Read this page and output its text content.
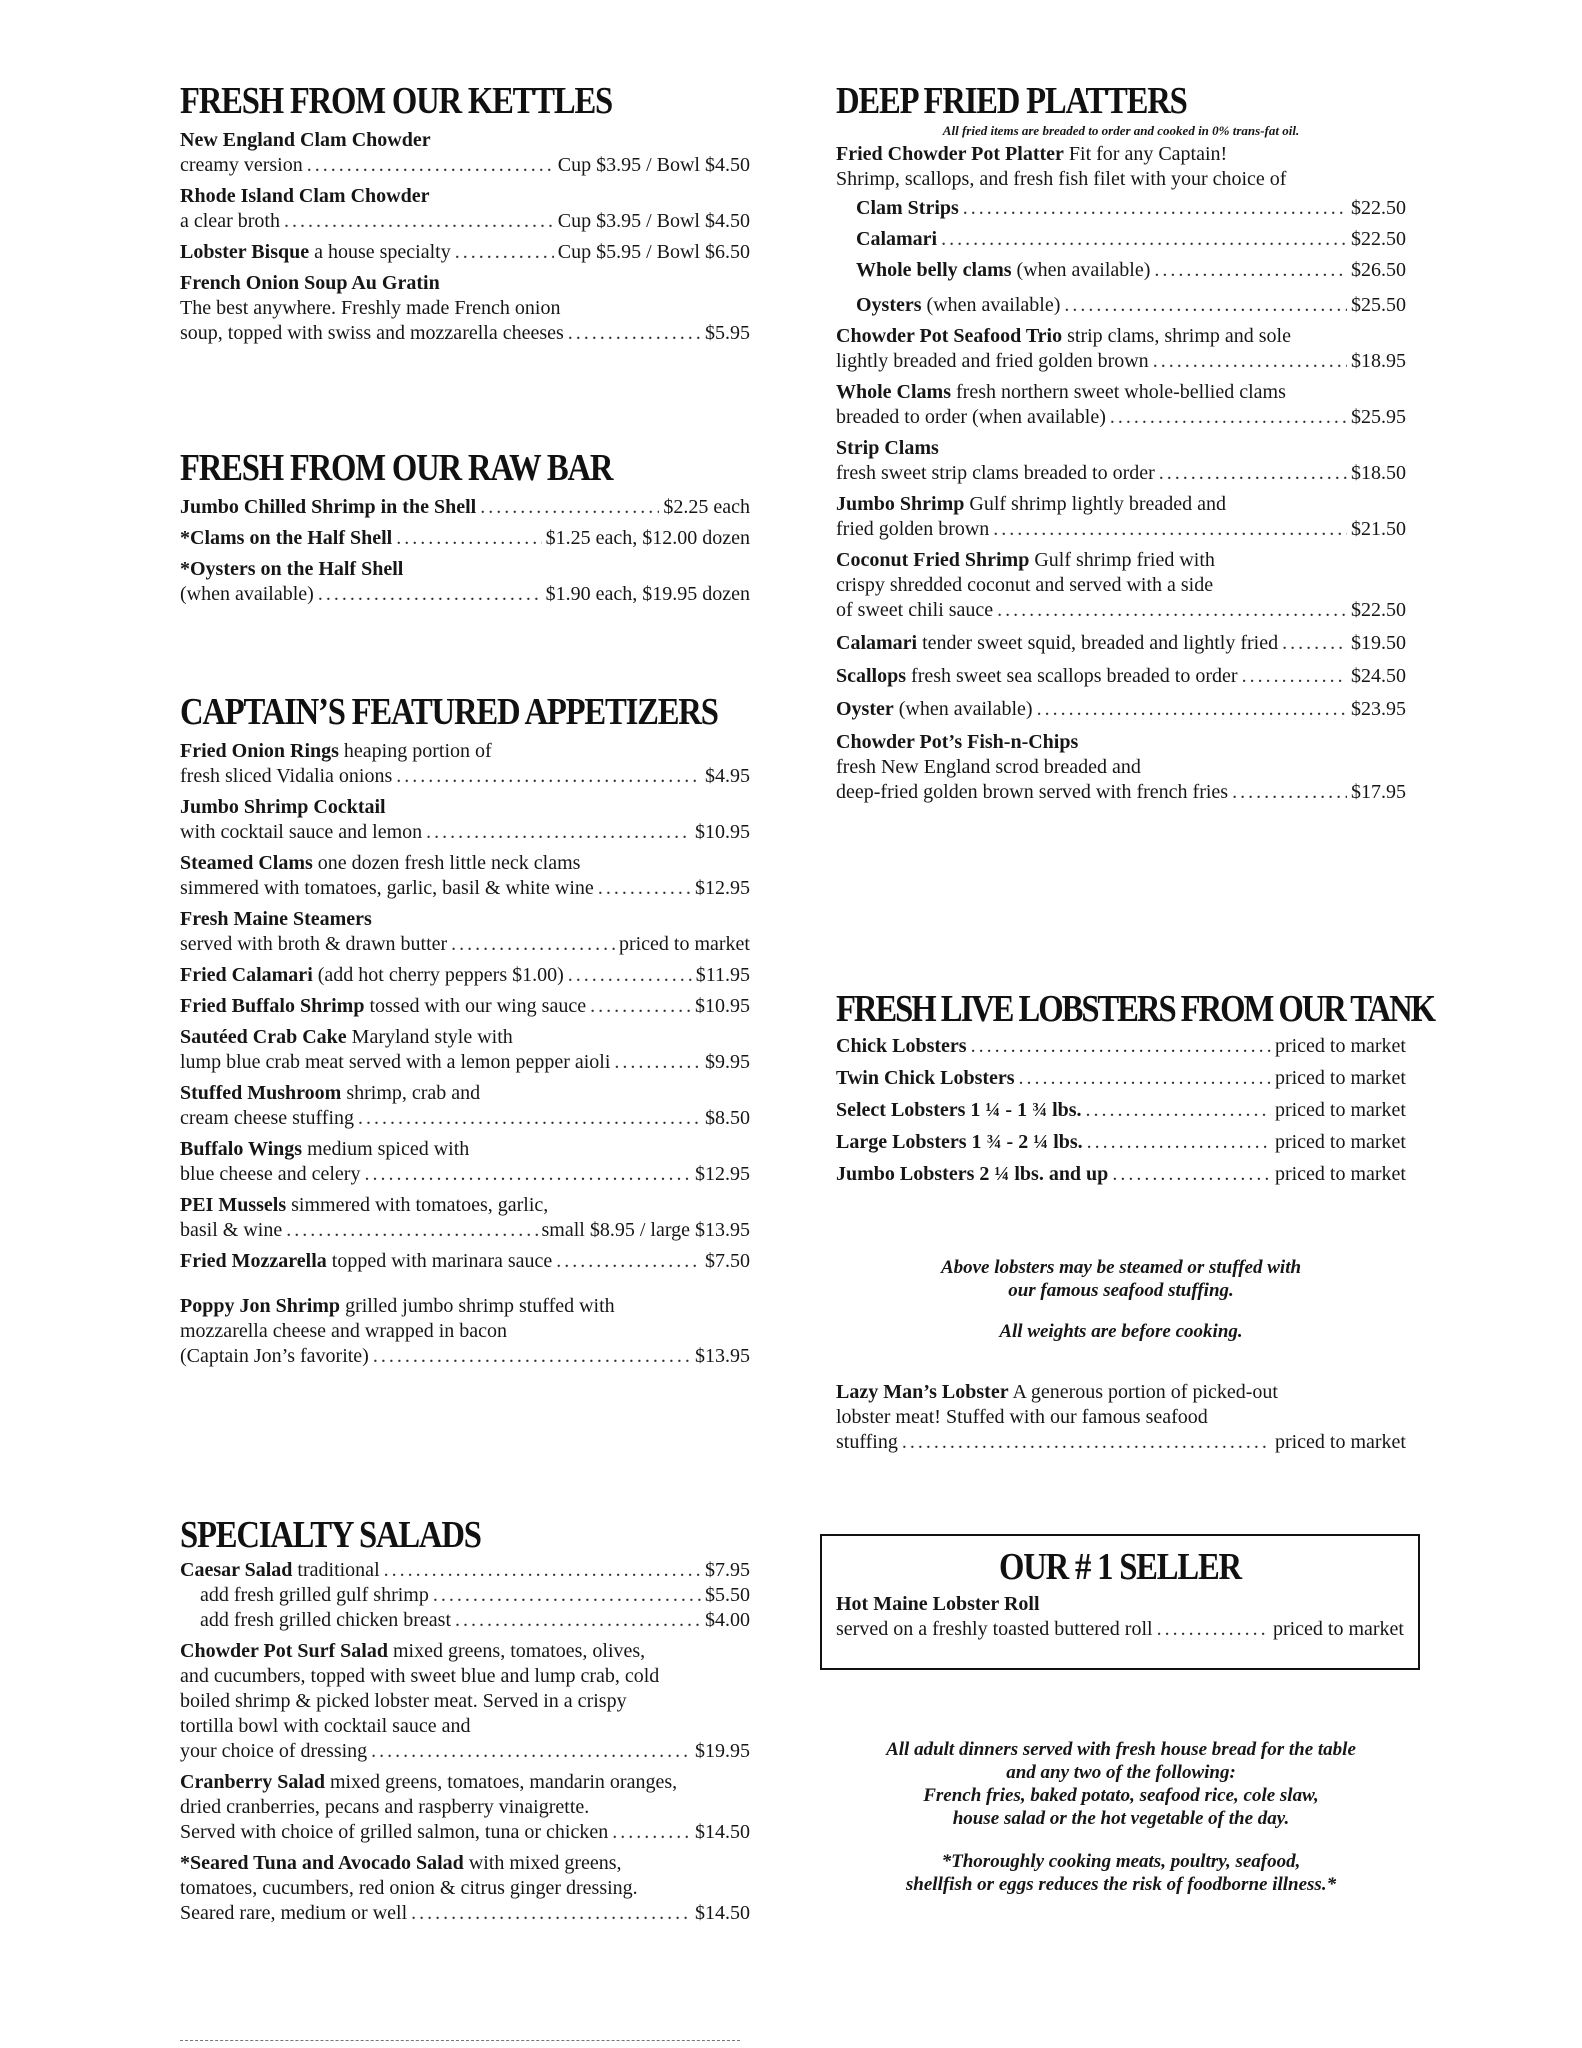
FRESH FROM OUR KETTLES
New England Clam Chowder
creamy version .....	Cup $3.95 / Bowl $4.50
Rhode Island Clam Chowder
a clear broth .....	Cup $3.95 / Bowl $4.50
Lobster Bisque a house specialty .....	Cup $5.95 / Bowl $6.50
French Onion Soup Au Gratin
The best anywhere. Freshly made French onion
soup, topped with swiss and mozzarella cheeses .....	$5.95
FRESH FROM OUR RAW BAR
Jumbo Chilled Shrimp in the Shell .....	$2.25 each
*Clams on the Half Shell .....	$1.25 each, $12.00 dozen
*Oysters on the Half Shell
(when available) .....	$1.90 each, $19.95 dozen
CAPTAIN’S FEATURED APPETIZERS
Fried Onion Rings heaping portion of
fresh sliced Vidalia onions .....	$4.95
Jumbo Shrimp Cocktail
with cocktail sauce and lemon .....	$10.95
Steamed Clams one dozen fresh little neck clams
simmered with tomatoes, garlic, basil & white wine .....	$12.95
Fresh Maine Steamers
served with broth & drawn butter .....	priced to market
Fried Calamari (add hot cherry peppers $1.00) .....	$11.95
Fried Buffalo Shrimp tossed with our wing sauce .....	$10.95
Sautéed Crab Cake Maryland style with
lump blue crab meat served with a lemon pepper aioli .....	$9.95
Stuffed Mushroom shrimp, crab and
cream cheese stuffing .....	$8.50
Buffalo Wings medium spiced with
blue cheese and celery .....	$12.95
PEI Mussels simmered with tomatoes, garlic,
basil & wine .....	small $8.95 / large $13.95
Fried Mozzarella topped with marinara sauce .....	$7.50
Poppy Jon Shrimp grilled jumbo shrimp stuffed with
mozzarella cheese and wrapped in bacon
(Captain Jon’s favorite) .....	$13.95
SPECIALTY SALADS
Caesar Salad traditional .....	$7.95
add fresh grilled gulf shrimp .....	$5.50
add fresh grilled chicken breast .....	$4.00
Chowder Pot Surf Salad mixed greens, tomatoes, olives,
and cucumbers, topped with sweet blue and lump crab, cold
boiled shrimp & picked lobster meat. Served in a crispy
tortilla bowl with cocktail sauce and
your choice of dressing .....	$19.95
Cranberry Salad mixed greens, tomatoes, mandarin oranges,
dried cranberries, pecans and raspberry vinaigrette.
Served with choice of grilled salmon, tuna or chicken .....	$14.50
*Seared Tuna and Avocado Salad with mixed greens,
tomatoes, cucumbers, red onion & citrus ginger dressing.
Seared rare, medium or well .....	$14.50
DEEP FRIED PLATTERS
All fried items are breaded to order and cooked in 0% trans-fat oil.
Fried Chowder Pot Platter Fit for any Captain!
Shrimp, scallops, and fresh fish filet with your choice of
Clam Strips .....	$22.50
Calamari .....	$22.50
Whole belly clams (when available) .....	$26.50
Oysters (when available) .....	$25.50
Chowder Pot Seafood Trio strip clams, shrimp and sole
lightly breaded and fried golden brown .....	$18.95
Whole Clams fresh northern sweet whole-bellied clams
breaded to order (when available) .....	$25.95
Strip Clams
fresh sweet strip clams breaded to order .....	$18.50
Jumbo Shrimp Gulf shrimp lightly breaded and
fried golden brown .....	$21.50
Coconut Fried Shrimp Gulf shrimp fried with
crispy shredded coconut and served with a side
of sweet chili sauce .....	$22.50
Calamari tender sweet squid, breaded and lightly fried .....	$19.50
Scallops fresh sweet sea scallops breaded to order .....	$24.50
Oyster (when available) .....	$23.95
Chowder Pot’s Fish-n-Chips
fresh New England scrod breaded and
deep-fried golden brown served with french fries .....	$17.95
FRESH LIVE LOBSTERS FROM OUR TANK
Chick Lobsters .....	priced to market
Twin Chick Lobsters .....	priced to market
Select Lobsters 1 ¼ - 1 ¾ lbs. .....	priced to market
Large Lobsters 1 ¾ - 2 ¼ lbs. .....	priced to market
Jumbo Lobsters 2 ¼ lbs. and up .....	priced to market
Above lobsters may be steamed or stuffed with
our famous seafood stuffing.
All weights are before cooking.
Lazy Man’s Lobster A generous portion of picked-out
lobster meat! Stuffed with our famous seafood
stuffing .....	priced to market
All adult dinners served with fresh house bread for the table
and any two of the following:
French fries, baked potato, seafood rice, cole slaw,
house salad or the hot vegetable of the day.
*Thoroughly cooking meats, poultry, seafood,
shellfish or eggs reduces the risk of foodborne illness.*
OUR # 1 SELLER
Hot Maine Lobster Roll
served on a freshly toasted buttered roll .....	priced to market
